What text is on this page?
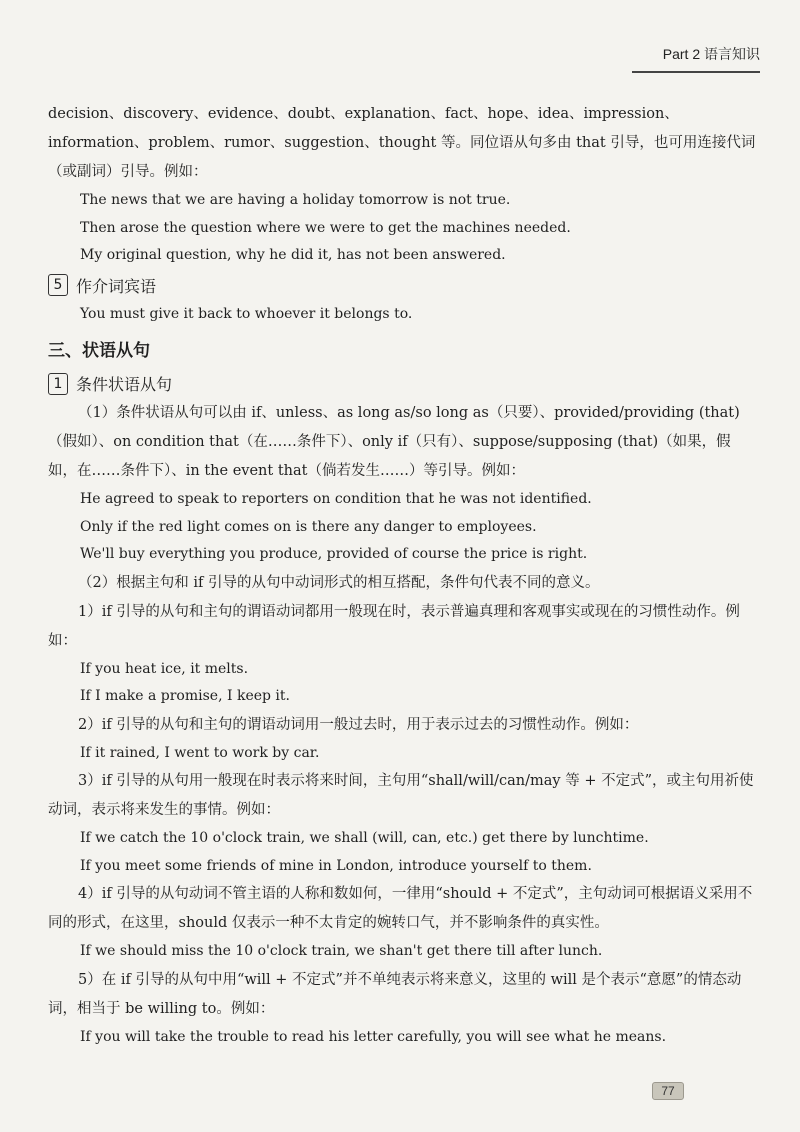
Part 2 语言知识

decision、discovery、evidence、doubt、explanation、fact、hope、idea、impression、information、problem、rumor、suggestion、thought 等。同位语从句多由 that 引导，也可用连接代词（或副词）引导。例如：

The news that we are having a holiday tomorrow is not true.

Then arose the question where we were to get the machines needed.

My original question, why he did it, has not been answered.

5 作介词宾语

You must give it back to whoever it belongs to.

三、状语从句
1 条件状语从句

（1）条件状语从句可以由 if、unless、as long as/so long as（只要）、provided/providing (that)（假如）、on condition that（在……条件下）、only if（只有）、suppose/supposing (that)（如果，假如，在……条件下）、in the event that（倘若发生……）等引导。例如：

He agreed to speak to reporters on condition that he was not identified.

Only if the red light comes on is there any danger to employees.

We'll buy everything you produce, provided of course the price is right.

（2）根据主句和 if 引导的从句中动词形式的相互搭配，条件句代表不同的意义。

1）if 引导的从句和主句的谓语动词都用一般现在时，表示普遍真理和客观事实或现在的习惯性动作。例如：

If you heat ice, it melts.

If I make a promise, I keep it.

2）if 引导的从句和主句的谓语动词用一般过去时，用于表示过去的习惯性动作。例如：

If it rained, I went to work by car.

3）if 引导的从句用一般现在时表示将来时间，主句用“shall/will/can/may 等 + 不定式”，或主句用祈使动词，表示将来发生的事情。例如：

If we catch the 10 o'clock train, we shall (will, can, etc.) get there by lunchtime.

If you meet some friends of mine in London, introduce yourself to them.

4）if 引导的从句动词不管主语的人称和数如何，一律用“should + 不定式”，主句动词可根据语义采用不同的形式，在这里，should 仅表示一种不太肯定的婉转口气，并不影响条件的真实性。

If we should miss the 10 o'clock train, we shan't get there till after lunch.

5）在 if 引导的从句中用“will + 不定式”并不单纯表示将来意义，这里的 will 是个表示“意愿”的情态动词，相当于 be willing to。例如：

If you will take the trouble to read his letter carefully, you will see what he means.

77
